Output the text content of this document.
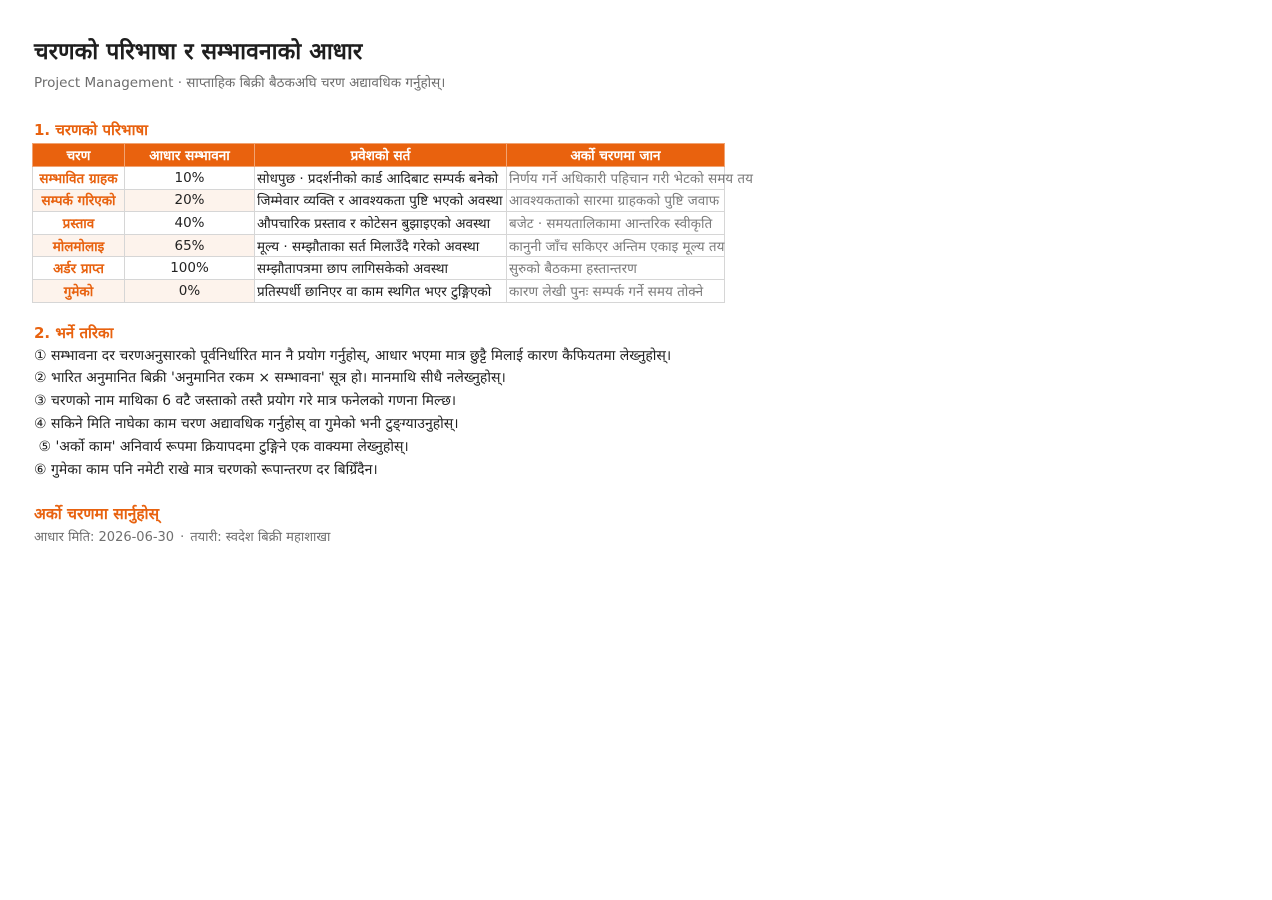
चरणको परिभाषा र सम्भावनाको आधार
Project Management · साप्ताहिक बिक्री बैठकअघि चरण अद्यावधिक गर्नुहोस्।
1. चरणको परिभाषा
चरण	आधार सम्भावना	प्रवेशको सर्त	अर्को चरणमा जान
सम्भावित ग्राहक	10%	सोधपुछ · प्रदर्शनीको कार्ड आदिबाट सम्पर्क बनेको	निर्णय गर्ने अधिकारी पहिचान गरी भेटको समय तय
सम्पर्क गरिएको	20%	जिम्मेवार व्यक्ति र आवश्यकता पुष्टि भएको अवस्था	आवश्यकताको सारमा ग्राहकको पुष्टि जवाफ
प्रस्ताव	40%	औपचारिक प्रस्ताव र कोटेसन बुझाइएको अवस्था	बजेट · समयतालिकामा आन्तरिक स्वीकृति
मोलमोलाइ	65%	मूल्य · सम्झौताका सर्त मिलाउँदै गरेको अवस्था	कानुनी जाँच सकिएर अन्तिम एकाइ मूल्य तय
अर्डर प्राप्त	100%	सम्झौतापत्रमा छाप लागिसकेको अवस्था	सुरुको बैठकमा हस्तान्तरण
गुमेको	0%	प्रतिस्पर्धी छानिएर वा काम स्थगित भएर टुङ्गिएको	कारण लेखी पुनः सम्पर्क गर्ने समय तोक्ने
2. भर्ने तरिका
① सम्भावना दर चरणअनुसारको पूर्वनिर्धारित मान नै प्रयोग गर्नुहोस्, आधार भएमा मात्र छुट्टै मिलाई कारण कैफियतमा लेख्नुहोस्।
② भारित अनुमानित बिक्री 'अनुमानित रकम × सम्भावना' सूत्र हो। मानमाथि सीधै नलेख्नुहोस्।
③ चरणको नाम माथिका 6 वटै जस्ताको तस्तै प्रयोग गरे मात्र फनेलको गणना मिल्छ।
④ सकिने मिति नाघेका काम चरण अद्यावधिक गर्नुहोस् वा गुमेको भनी टुङ्ग्याउनुहोस्।
⑤ 'अर्को काम' अनिवार्य रूपमा क्रियापदमा टुङ्गिने एक वाक्यमा लेख्नुहोस्।
⑥ गुमेका काम पनि नमेटी राखे मात्र चरणको रूपान्तरण दर बिग्रिँदैन।
अर्को चरणमा सार्नुहोस्
आधार मिति: 2026-06-30 · तयारी: स्वदेश बिक्री महाशाखा
